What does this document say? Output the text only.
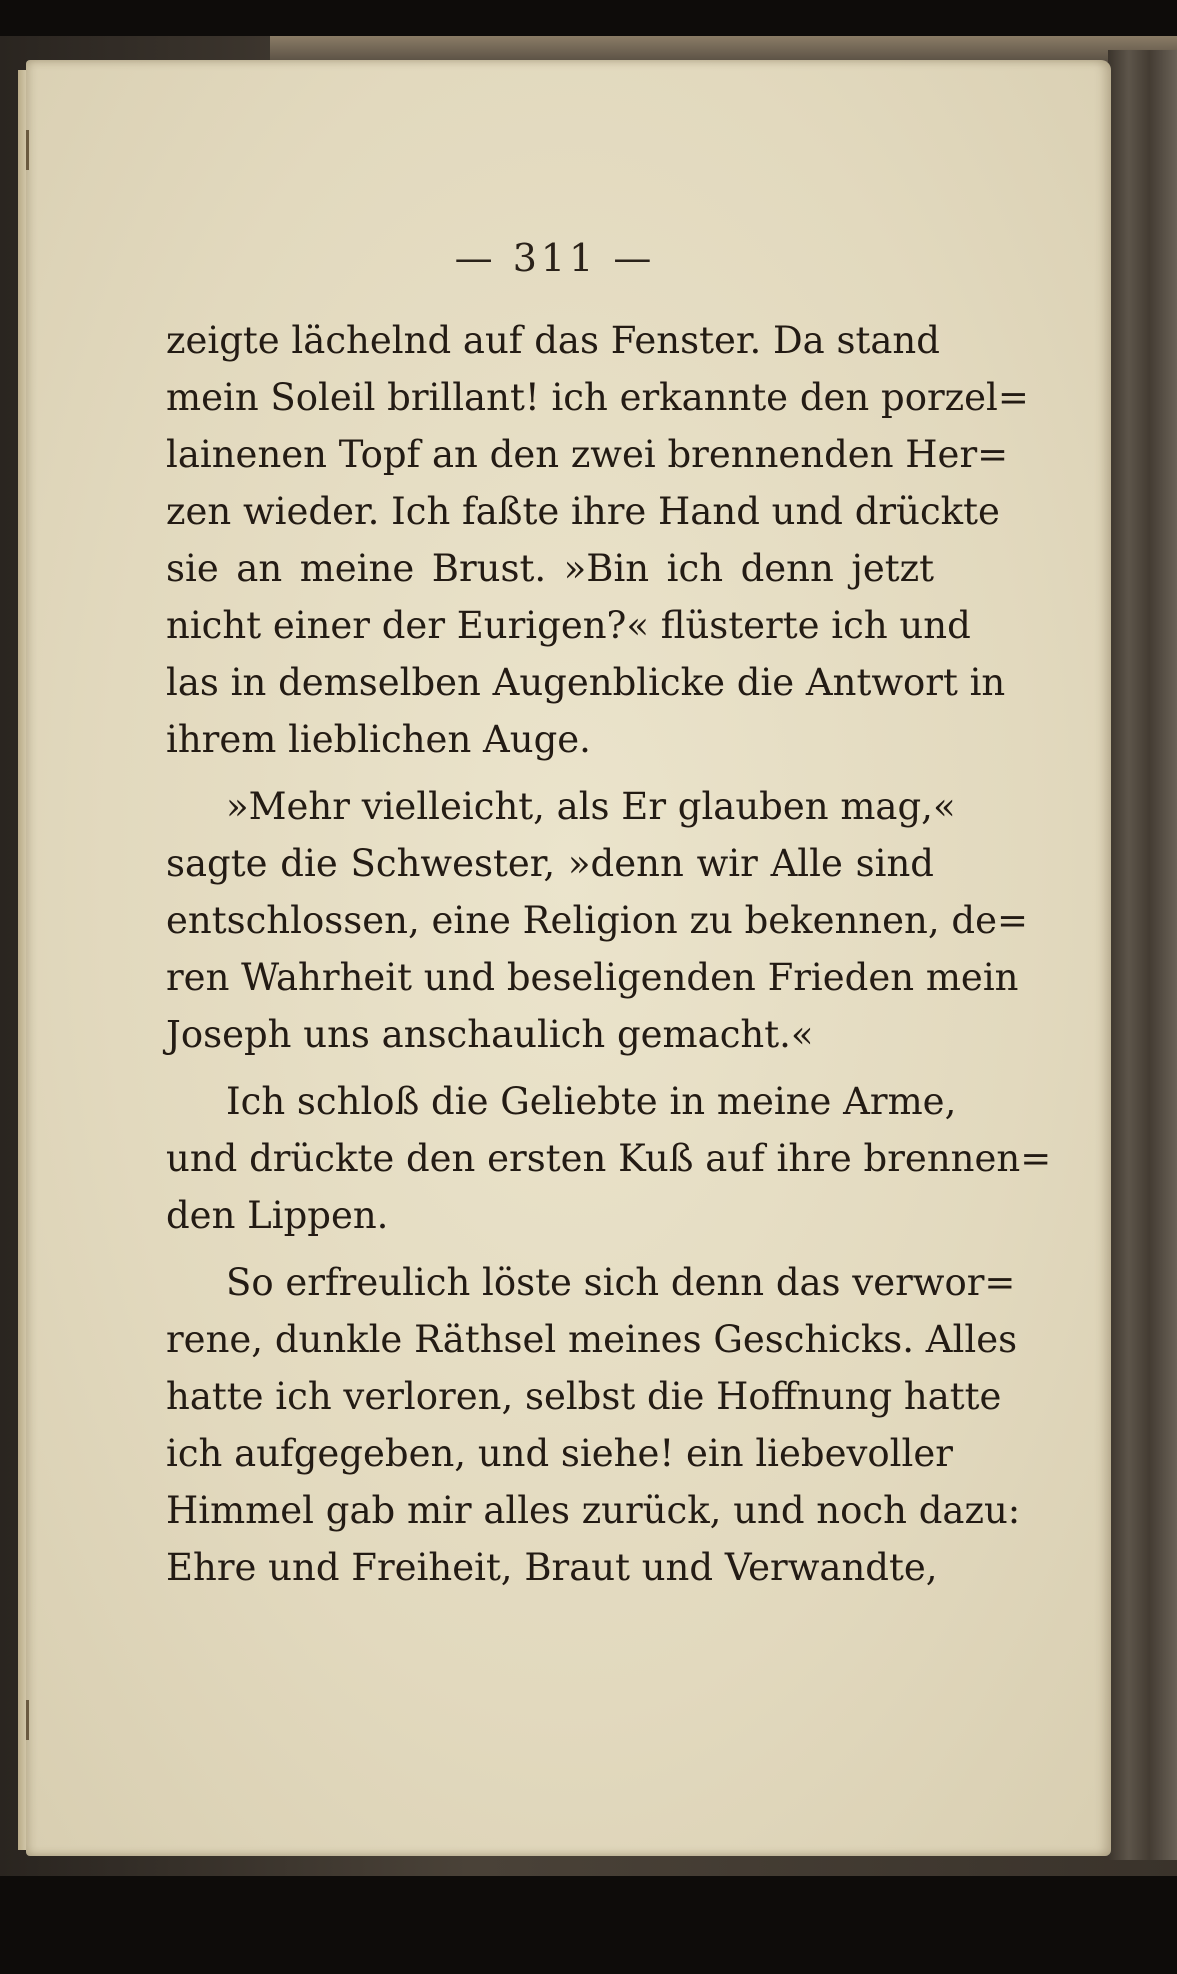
— 311 —
zeigte lächelnd auf das Fenster. Da stand
mein Soleil brillant! ich erkannte den porzel=
lainenen Topf an den zwei brennenden Her=
zen wieder. Ich faßte ihre Hand und drückte
sie an meine Brust. »Bin ich denn jetzt
nicht einer der Eurigen?« flüsterte ich und
las in demselben Augenblicke die Antwort in
ihrem lieblichen Auge.
»Mehr vielleicht, als Er glauben mag,«
sagte die Schwester, »denn wir Alle sind
entschlossen, eine Religion zu bekennen, de=
ren Wahrheit und beseligenden Frieden mein
Joseph uns anschaulich gemacht.«
Ich schloß die Geliebte in meine Arme,
und drückte den ersten Kuß auf ihre brennen=
den Lippen.
So erfreulich löste sich denn das verwor=
rene, dunkle Räthsel meines Geschicks. Alles
hatte ich verloren, selbst die Hoffnung hatte
ich aufgegeben, und siehe! ein liebevoller
Himmel gab mir alles zurück, und noch dazu:
Ehre und Freiheit, Braut und Verwandte,
